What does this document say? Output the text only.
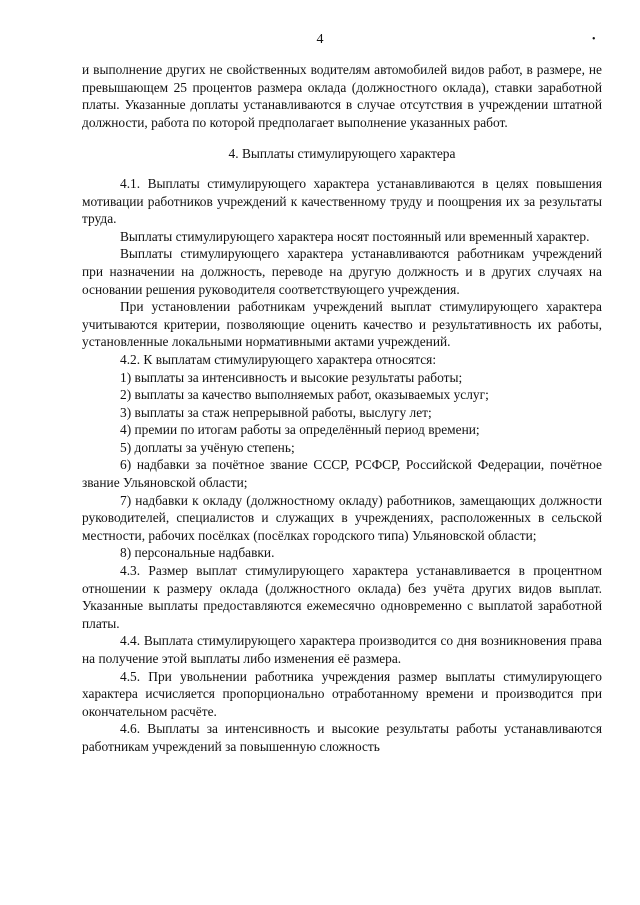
4	•

и выполнение других не свойственных водителям автомобилей видов работ, в размере, не превышающем 25 процентов размера оклада (должностного оклада), ставки заработной платы. Указанные доплаты устанавливаются в случае отсутствия в учреждении штатной должности, работа по которой предполагает выполнение указанных работ.

4. Выплаты стимулирующего характера

4.1. Выплаты стимулирующего характера устанавливаются в целях повышения мотивации работников учреждений к качественному труду и поощрения их за результаты труда.

Выплаты стимулирующего характера носят постоянный или временный характер.

Выплаты стимулирующего характера устанавливаются работникам учреждений при назначении на должность, переводе на другую должность и в других случаях на основании решения руководителя соответствующего учреждения.

При установлении работникам учреждений выплат стимулирующего характера учитываются критерии, позволяющие оценить качество и результативность их работы, установленные локальными нормативными актами учреждений.

4.2. К выплатам стимулирующего характера относятся:

1) выплаты за интенсивность и высокие результаты работы;

2) выплаты за качество выполняемых работ, оказываемых услуг;

3) выплаты за стаж непрерывной работы, выслугу лет;

4) премии по итогам работы за определённый период времени;

5) доплаты за учёную степень;

6) надбавки за почётное звание СССР, РСФСР, Российской Федерации, почётное звание Ульяновской области;

7) надбавки к окладу (должностному окладу) работников, замещающих должности руководителей, специалистов и служащих в учреждениях, расположенных в сельской местности, рабочих посёлках (посёлках городского типа) Ульяновской области;

8) персональные надбавки.

4.3. Размер выплат стимулирующего характера устанавливается в процентном отношении к размеру оклада (должностного оклада) без учёта других видов выплат. Указанные выплаты предоставляются ежемесячно одновременно с выплатой заработной платы.

4.4. Выплата стимулирующего характера производится со дня возникновения права на получение этой выплаты либо изменения её размера.

4.5. При увольнении работника учреждения размер выплаты стимулирующего характера исчисляется пропорционально отработанному времени и производится при окончательном расчёте.

4.6. Выплаты за интенсивность и высокие результаты работы устанавливаются работникам учреждений за повышенную сложность
